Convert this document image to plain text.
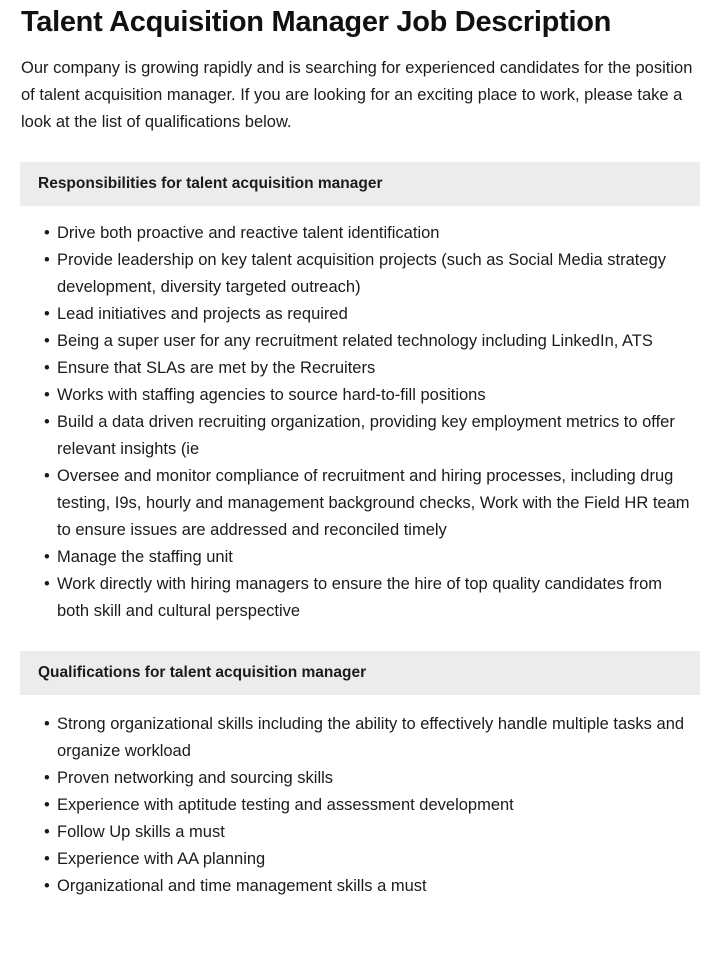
Talent Acquisition Manager Job Description

Our company is growing rapidly and is searching for experienced candidates for the position of talent acquisition manager. If you are looking for an exciting place to work, please take a look at the list of qualifications below.

Responsibilities for talent acquisition manager
• Drive both proactive and reactive talent identification
• Provide leadership on key talent acquisition projects (such as Social Media strategy development, diversity targeted outreach)
• Lead initiatives and projects as required
• Being a super user for any recruitment related technology including LinkedIn, ATS
• Ensure that SLAs are met by the Recruiters
• Works with staffing agencies to source hard-to-fill positions
• Build a data driven recruiting organization, providing key employment metrics to offer relevant insights (ie
• Oversee and monitor compliance of recruitment and hiring processes, including drug testing, I9s, hourly and management background checks, Work with the Field HR team to ensure issues are addressed and reconciled timely
• Manage the staffing unit
• Work directly with hiring managers to ensure the hire of top quality candidates from both skill and cultural perspective
Qualifications for talent acquisition manager
• Strong organizational skills including the ability to effectively handle multiple tasks and organize workload
• Proven networking and sourcing skills
• Experience with aptitude testing and assessment development
• Follow Up skills a must
• Experience with AA planning
• Organizational and time management skills a must
